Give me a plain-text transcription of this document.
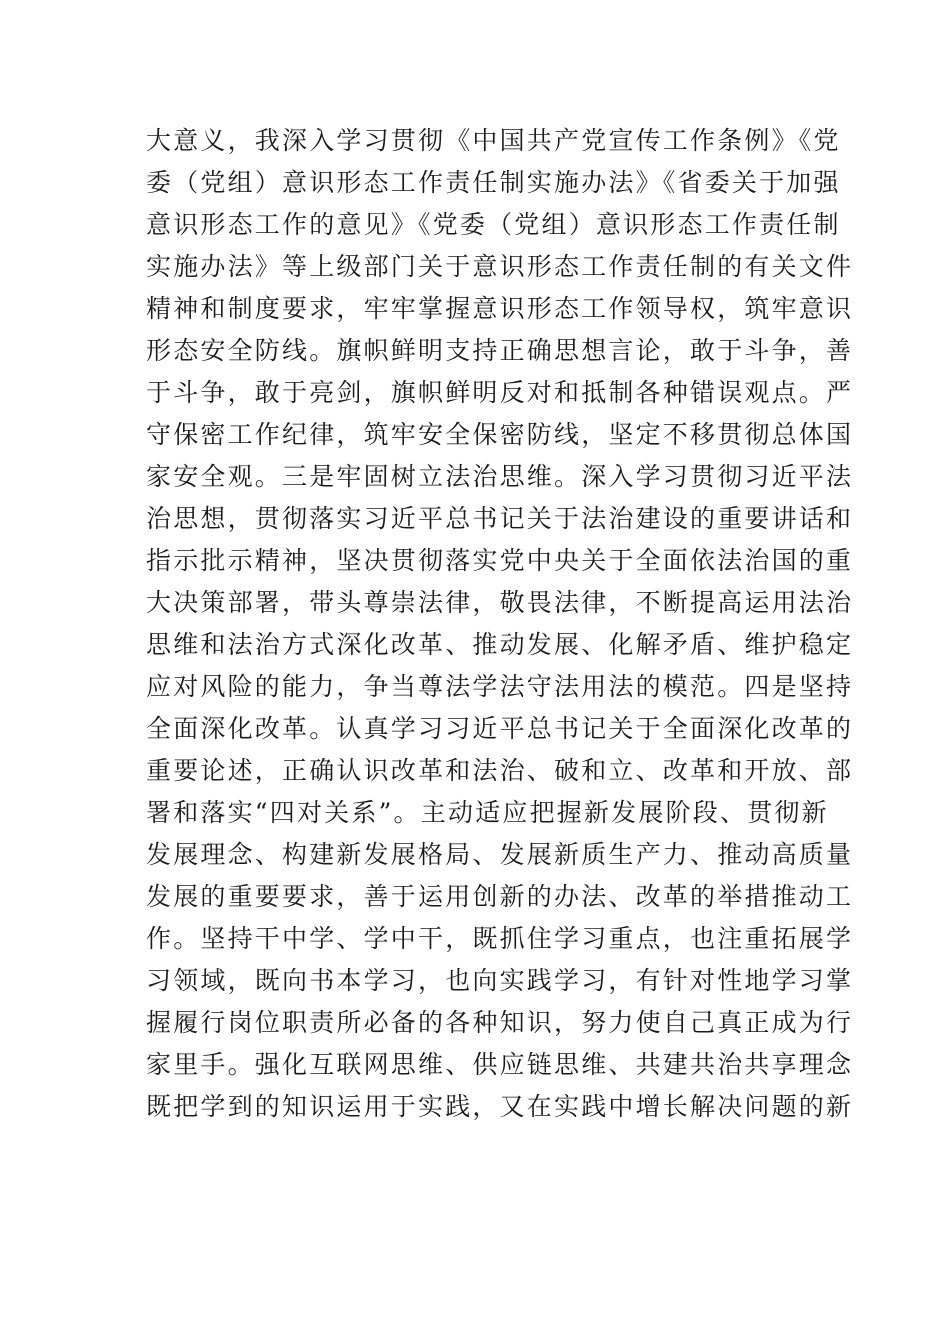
大意义，我深入学习贯彻《中国共产党宣传工作条例》《党
委（党组）意识形态工作责任制实施办法》《省委关于加强
意识形态工作的意见》《党委（党组）意识形态工作责任制
实施办法》等上级部门关于意识形态工作责任制的有关文件
精神和制度要求，牢牢掌握意识形态工作领导权，筑牢意识
形态安全防线。旗帜鲜明支持正确思想言论，敢于斗争，善
于斗争，敢于亮剑，旗帜鲜明反对和抵制各种错误观点。严
守保密工作纪律，筑牢安全保密防线，坚定不移贯彻总体国
家安全观。三是牢固树立法治思维。深入学习贯彻习近平法
治思想，贯彻落实习近平总书记关于法治建设的重要讲话和
指示批示精神，坚决贯彻落实党中央关于全面依法治国的重
大决策部署，带头尊崇法律，敬畏法律，不断提高运用法治
思维和法治方式深化改革、推动发展、化解矛盾、维护稳定
应对风险的能力，争当尊法学法守法用法的模范。四是坚持
全面深化改革。认真学习习近平总书记关于全面深化改革的
重要论述，正确认识改革和法治、破和立、改革和开放、部
署和落实“四对关系”。主动适应把握新发展阶段、贯彻新
发展理念、构建新发展格局、发展新质生产力、推动高质量
发展的重要要求，善于运用创新的办法、改革的举措推动工
作。坚持干中学、学中干，既抓住学习重点，也注重拓展学
习领域，既向书本学习，也向实践学习，有针对性地学习掌
握履行岗位职责所必备的各种知识，努力使自己真正成为行
家里手。强化互联网思维、供应链思维、共建共治共享理念
既把学到的知识运用于实践，又在实践中增长解决问题的新
